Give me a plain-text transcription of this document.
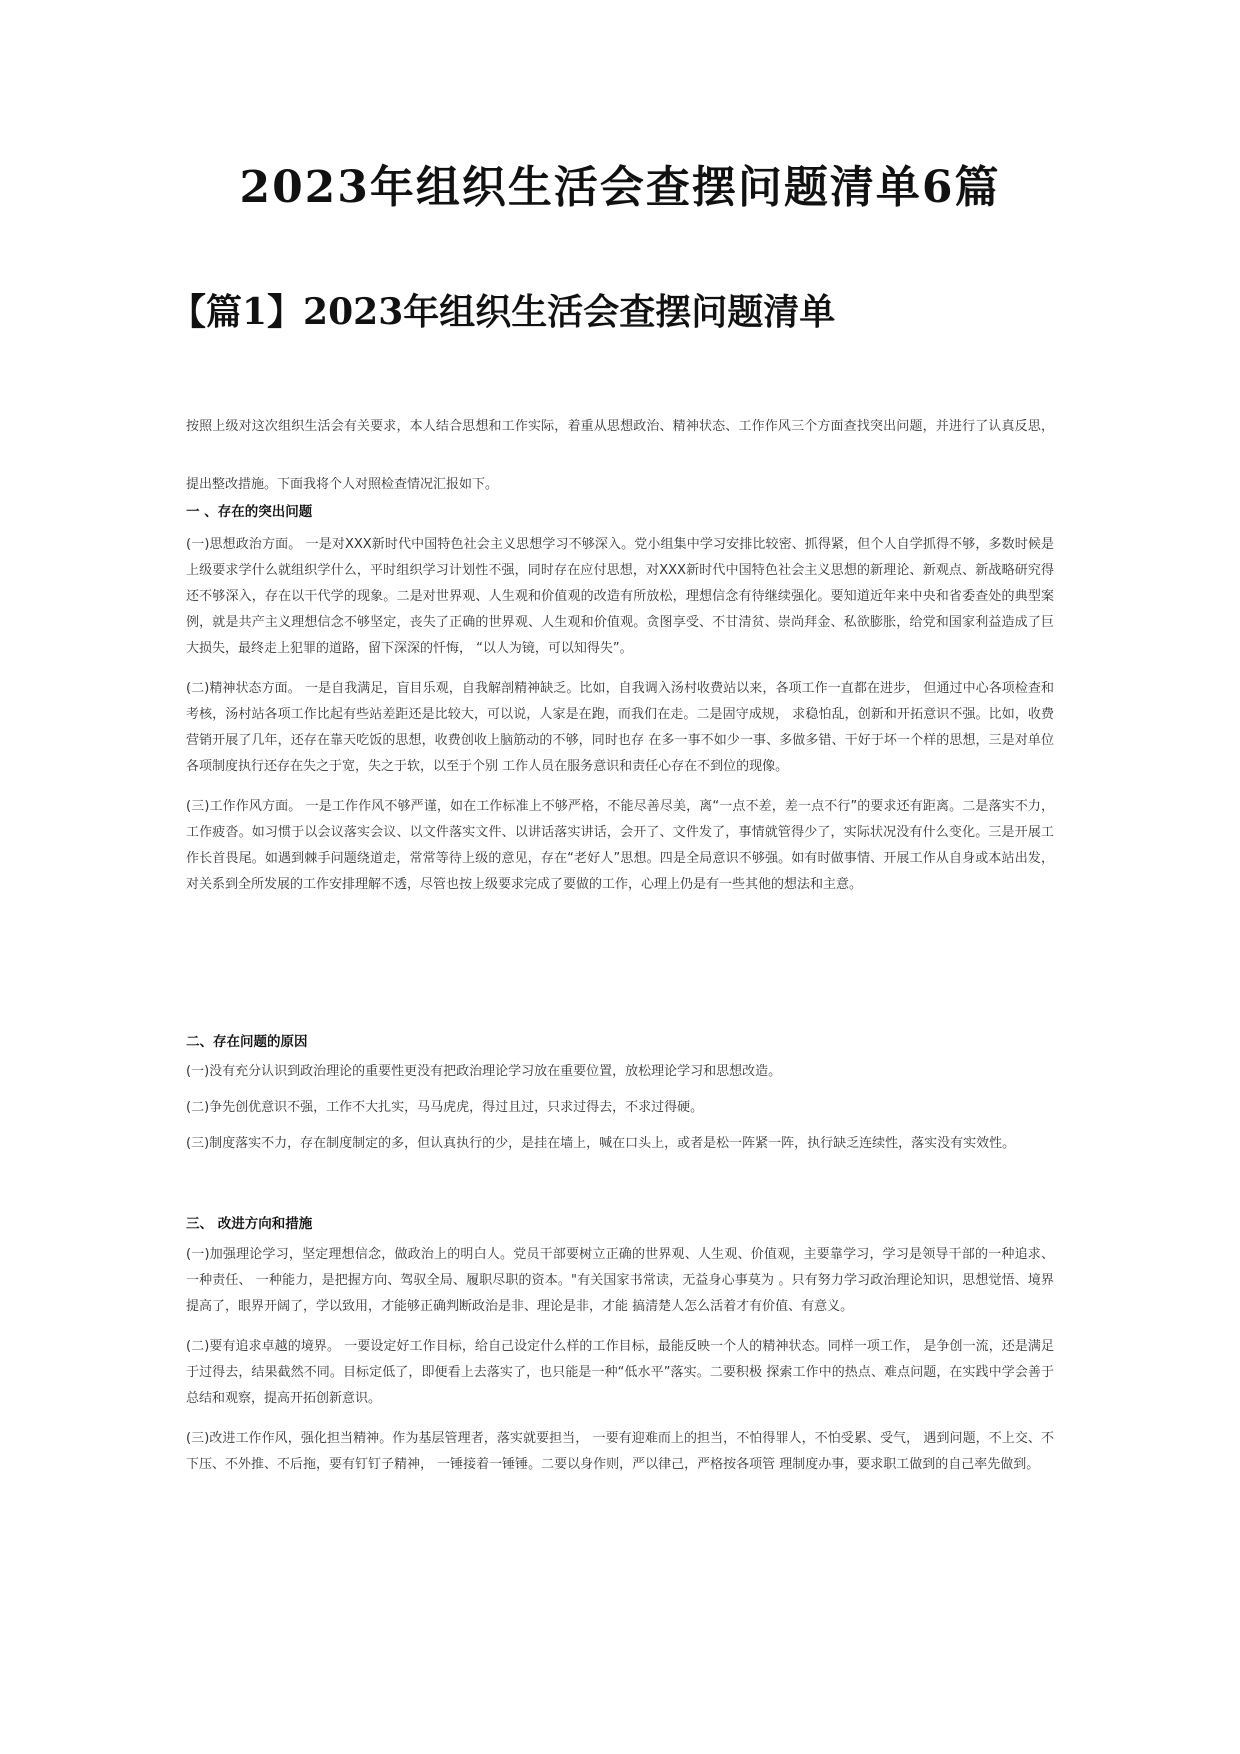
2023年组织生活会查摆问题清单6篇
【篇1】2023年组织生活会查摆问题清单

按照上级对这次组织生活会有关要求，本人结合思想和工作实际，着重从思想政治、精神状态、工作作风三个方面查找突出问题，并进行了认真反思，提出整改措施。下面我将个人对照检查情况汇报如下。

一 、存在的突出问题

(一)思想政治方面。 一是对XXX新时代中国特色社会主义思想学习不够深入。党小组集中学习安排比较密、抓得紧，但个人自学抓得不够，多数时候是上级要求学什么就组织学什么，平时组织学习计划性不强，同时存在应付思想，对XXX新时代中国特色社会主义思想的新理论、新观点、新战略研究得还不够深入，存在以干代学的现象。二是对世界观、人生观和价值观的改造有所放松，理想信念有待继续强化。要知道近年来中央和省委查处的典型案例，就是共产主义理想信念不够坚定，丧失了正确的世界观、人生观和价值观。贪图享受、不甘清贫、崇尚拜金、私欲膨胀，给党和国家利益造成了巨大损失，最终走上犯罪的道路，留下深深的忏悔， “以人为镜，可以知得失”。

(二)精神状态方面。 一是自我满足，盲目乐观，自我解剖精神缺乏。比如，自我调入汤村收费站以来，各项工作一直都在进步， 但通过中心各项检查和考核，汤村站各项工作比起有些站差距还是比较大，可以说，人家是在跑，而我们在走。二是固守成规， 求稳怕乱，创新和开拓意识不强。比如，收费营销开展了几年，还存在靠天吃饭的思想，收费创收上脑筋动的不够，同时也存 在多一事不如少一事、多做多错、干好于坏一个样的思想，三是对单位各项制度执行还存在失之于宽，失之于软，以至于个别 工作人员在服务意识和责任心存在不到位的现像。

(三)工作作风方面。 一是工作作风不够严谨，如在工作标准上不够严格，不能尽善尽美，离“一点不差，差一点不行”的要求还有距离。二是落实不力，工作疲沓。如习惯于以会议落实会议、以文件落实文件、以讲话落实讲话，会开了、文件发了，事情就管得少了，实际状况没有什么变化。三是开展工作长首畏尾。如遇到棘手问题绕道走，常常等待上级的意见，存在“老好人”思想。四是全局意识不够强。如有时做事情、开展工作从自身或本站出发，对关系到全所发展的工作安排理解不透，尽管也按上级要求完成了要做的工作，心理上仍是有一些其他的想法和主意。

二、存在问题的原因

(一)没有充分认识到政治理论的重要性更没有把政治理论学习放在重要位置，放松理论学习和思想改造。

(二)争先创优意识不强，工作不大扎实，马马虎虎，得过且过，只求过得去，不求过得硬。

(三)制度落实不力，存在制度制定的多，但认真执行的少，是挂在墙上，喊在口头上，或者是松一阵紧一阵，执行缺乏连续性，落实没有实效性。

三、 改进方向和措施

(一)加强理论学习，坚定理想信念，做政治上的明白人。党员干部要树立正确的世界观、人生观、价值观，主要靠学习，学习是领导干部的一种追求、 一种责任、 一种能力，是把握方向、驾驭全局、履职尽职的资本。"有关国家书常读，无益身心事莫为 。只有努力学习政治理论知识，思想觉悟、境界提高了，眼界开阔了，学以致用，才能够正确判断政治是非、理论是非，才能 搞清楚人怎么活着才有价值、有意义。

(二)要有追求卓越的境界。 一要设定好工作目标，给自己设定什么样的工作目标，最能反映一个人的精神状态。同样一项工作， 是争创一流，还是满足于过得去，结果截然不同。目标定低了，即便看上去落实了，也只能是一种“低水平”落实。二要积极 探索工作中的热点、难点问题，在实践中学会善于总结和观察，提高开拓创新意识。

(三)改进工作作风，强化担当精神。作为基层管理者，落实就要担当， 一要有迎难而上的担当，不怕得罪人，不怕受累、受气， 遇到问题，不上交、不下压、不外推、不后拖，要有钉钉子精神， 一锤接着一锤锤。二要以身作则，严以律己，严格按各项管 理制度办事，要求职工做到的自己率先做到。
